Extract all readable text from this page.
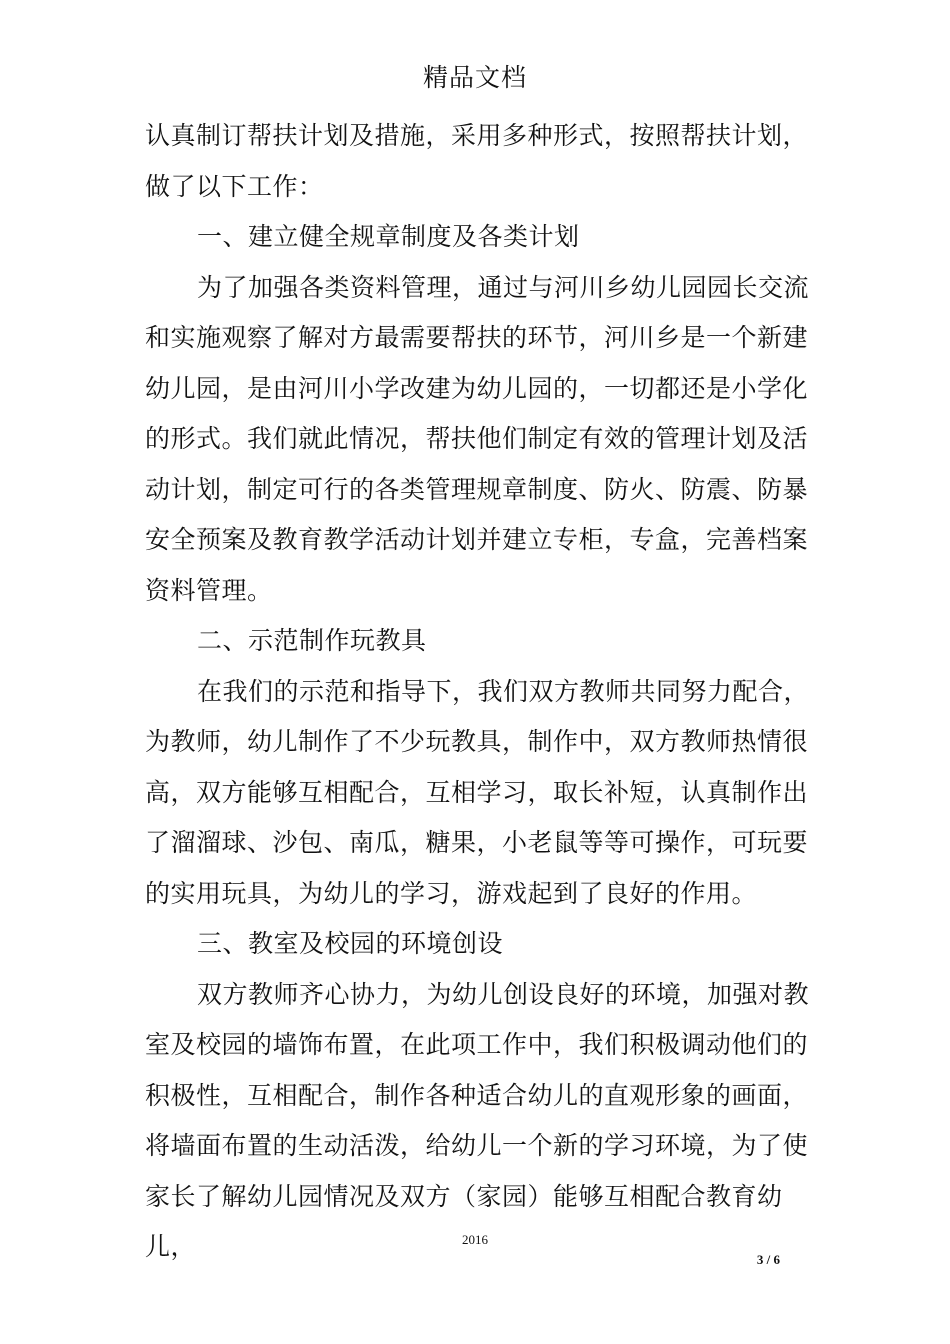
精品文档

认真制订帮扶计划及措施，采用多种形式，按照帮扶计划，做了以下工作：

一、建立健全规章制度及各类计划

为了加强各类资料管理，通过与河川乡幼儿园园长交流和实施观察了解对方最需要帮扶的环节，河川乡是一个新建幼儿园，是由河川小学改建为幼儿园的，一切都还是小学化的形式。我们就此情况，帮扶他们制定有效的管理计划及活动计划，制定可行的各类管理规章制度、防火、防震、防暴安全预案及教育教学活动计划并建立专柜，专盒，完善档案资料管理。

二、示范制作玩教具

在我们的示范和指导下，我们双方教师共同努力配合，为教师，幼儿制作了不少玩教具，制作中，双方教师热情很高，双方能够互相配合，互相学习，取长补短，认真制作出了溜溜球、沙包、南瓜，糖果，小老鼠等等可操作，可玩要的实用玩具，为幼儿的学习，游戏起到了良好的作用。

三、教室及校园的环境创设

双方教师齐心协力，为幼儿创设良好的环境，加强对教室及校园的墙饰布置，在此项工作中，我们积极调动他们的积极性，互相配合，制作各种适合幼儿的直观形象的画面，将墙面布置的生动活泼，给幼儿一个新的学习环境，为了使家长了解幼儿园情况及双方（家园）能够互相配合教育幼儿，	2016
3 / 6
